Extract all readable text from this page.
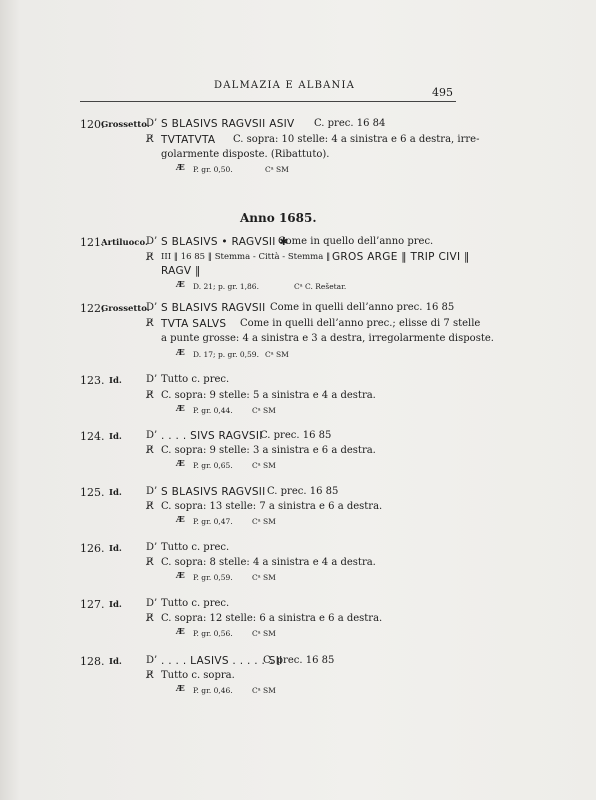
DALMAZIA E ALBANIA
495
120.
Grossetto.
D’ S BLASIVS RAGVSII ASIV C. prec. 16 84
R̸ TVTATVTA C. sopra: 10 stelle: 4 a sinistra e 6 a destra, irre-
golarmente disposte. (Ribattuto).
Æ P. gr. 0,50.	Cᵃ SM
Anno 1685.
121.
Artiluoco.
D’ S BLASIVS • RAGVSII ✱
Come in quello dell’anno prec.
R̸ III ‖ 16 85 ‖ Stemma - Città - Stemma ‖ GROS ARGE ‖ TRIP CIVI ‖
RAGV ‖
Æ D. 21; p. gr. 1,86.	Cᵃ C. Rešetar.
122.
Grossetto.
D’ S BLASIVS RAGVSII Come in quelli dell’anno prec. 16 85
R̸ TVTA SALVS Come in quelli dell’anno prec.; elisse di 7 stelle
a punte grosse: 4 a sinistra e 3 a destra, irregolarmente disposte.
Æ D. 17; p. gr. 0,59. Cᵃ SM
123. Id. D’ Tutto c. prec.
R̸ C. sopra: 9 stelle: 5 a sinistra e 4 a destra.
Æ P. gr. 0,44.	Cᵃ SM
124. Id. D’ . . . . SIVS RAGVSII
C. prec. 16 85
R̸ C. sopra: 9 stelle: 3 a sinistra e 6 a destra.
Æ P. gr. 0,65.	Cᵃ SM
125. Id. D’ S BLASIVS RAGVSII C. prec. 16 85
R̸ C. sopra: 13 stelle: 7 a sinistra e 6 a destra.
Æ P. gr. 0,47.	Cᵃ SM
126. Id. D’ Tutto c. prec.
R̸ C. sopra: 8 stelle: 4 a sinistra e 4 a destra.
Æ P. gr. 0,59.	Cᵃ SM
127. Id. D’ Tutto c. prec.
R̸ C. sopra: 12 stelle: 6 a sinistra e 6 a destra.
Æ P. gr. 0,56.	Cᵃ SM
128. Id. D’ . . . . LASIVS . . . . . SII
C. prec. 16 85
R̸ Tutto c. sopra.
Æ P. gr. 0,46.	Cᵃ SM
